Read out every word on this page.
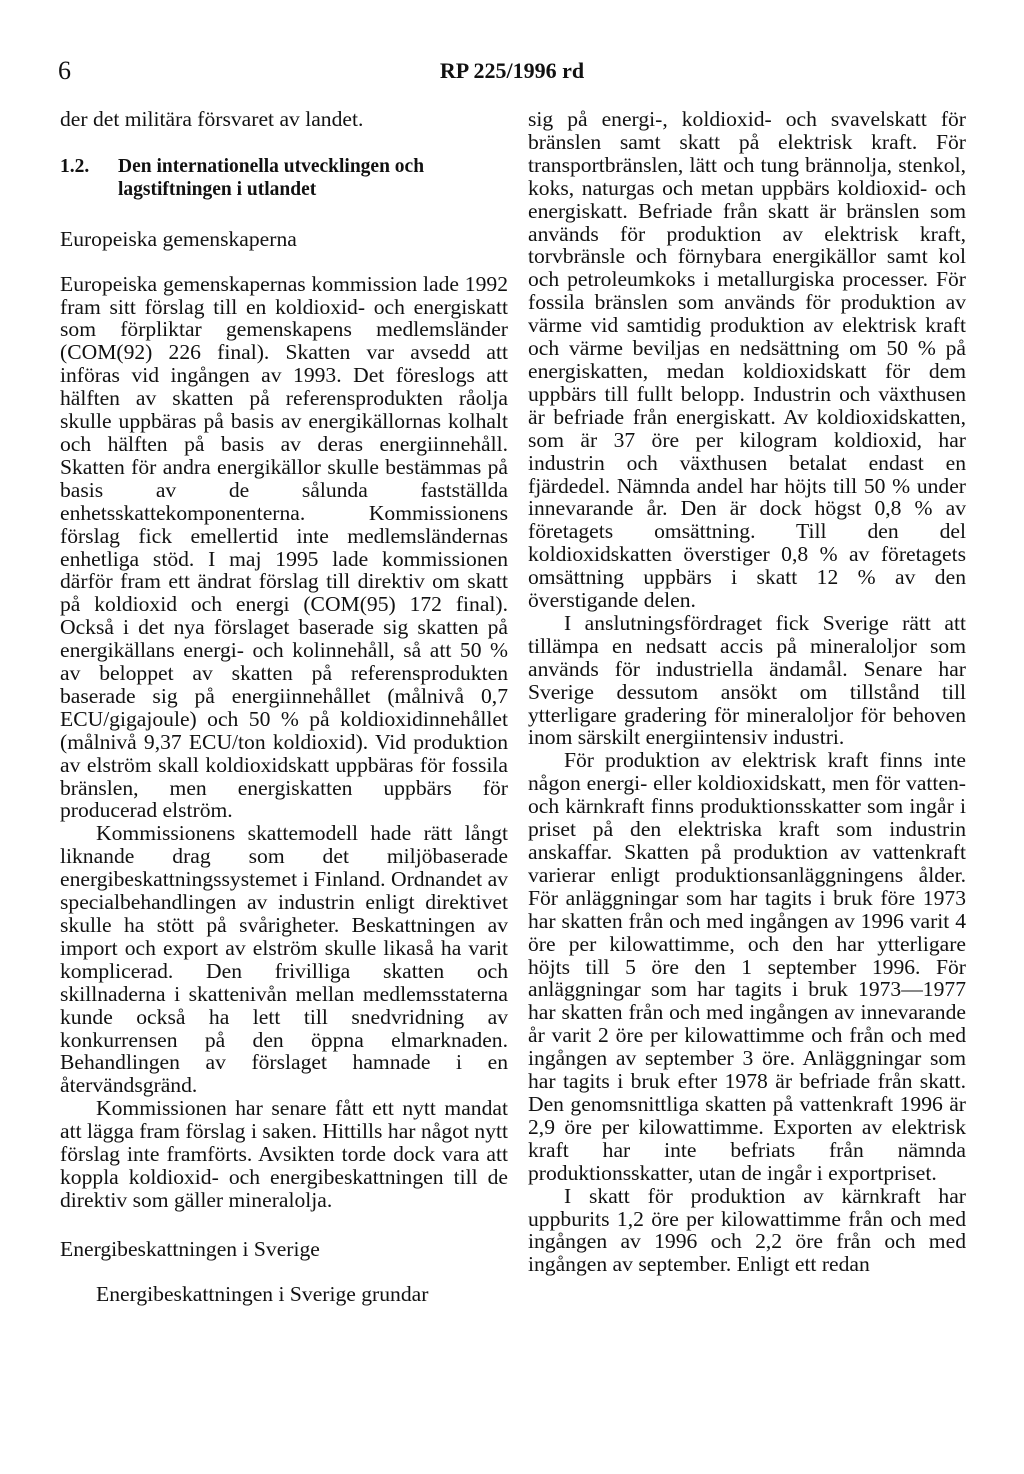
6	RP 225/1996 rd

der det militära försvaret av landet.

1.2. Den internationella utvecklingen och lagstiftningen i utlandet

Europeiska gemenskaperna

Europeiska gemenskapernas kommission lade 1992 fram sitt förslag till en koldioxid- och energiskatt som förpliktar gemenskapens medlemsländer (COM(92) 226 final). Skatten var avsedd att införas vid ingången av 1993. Det föreslogs att hälften av skatten på referensprodukten råolja skulle uppbäras på basis av energikällornas kolhalt och hälften på basis av deras energiinnehåll. Skatten för andra energikällor skulle bestämmas på basis av de sålunda fastställda enhetsskattekomponenterna. Kommissionens förslag fick emellertid inte medlemsländernas enhetliga stöd. I maj 1995 lade kommissionen därför fram ett ändrat förslag till direktiv om skatt på koldioxid och energi (COM(95) 172 final). Också i det nya förslaget baserade sig skatten på energikällans energi- och kolinnehåll, så att 50 % av beloppet av skatten på referensprodukten baserade sig på energiinnehållet (målnivå 0,7 ECU/gigajoule) och 50 % på koldioxidinnehållet (målnivå 9,37 ECU/ton koldioxid). Vid produktion av elström skall koldioxidskatt uppbäras för fossila bränslen, men energiskatten uppbärs för producerad elström.

Kommissionens skattemodell hade rätt långt liknande drag som det miljöbaserade energibeskattningssystemet i Finland. Ordnandet av specialbehandlingen av industrin enligt direktivet skulle ha stött på svårigheter. Beskattningen av import och export av elström skulle likaså ha varit komplicerad. Den frivilliga skatten och skillnaderna i skattenivån mellan medlemsstaterna kunde också ha lett till snedvridning av konkurrensen på den öppna elmarknaden. Behandlingen av förslaget hamnade i en återvändsgränd.

Kommissionen har senare fått ett nytt mandat att lägga fram förslag i saken. Hittills har något nytt förslag inte framförts. Avsikten torde dock vara att koppla koldioxid- och energibeskattningen till de direktiv som gäller mineralolja.

Energibeskattningen i Sverige

Energibeskattningen i Sverige grundar

sig på energi-, koldioxid- och svavelskatt för bränslen samt skatt på elektrisk kraft. För transportbränslen, lätt och tung brännolja, stenkol, koks, naturgas och metan uppbärs koldioxid- och energiskatt. Befriade från skatt är bränslen som används för produktion av elektrisk kraft, torvbränsle och förnybara energikällor samt kol och petroleumkoks i metallurgiska processer. För fossila bränslen som används för produktion av värme vid samtidig produktion av elektrisk kraft och värme beviljas en nedsättning om 50 % på energiskatten, medan koldioxidskatt för dem uppbärs till fullt belopp. Industrin och växthusen är befriade från energiskatt. Av koldioxidskatten, som är 37 öre per kilogram koldioxid, har industrin och växthusen betalat endast en fjärdedel. Nämnda andel har höjts till 50 % under innevarande år. Den är dock högst 0,8 % av företagets omsättning. Till den del koldioxidskatten överstiger 0,8 % av företagets omsättning uppbärs i skatt 12 % av den överstigande delen.

I anslutningsfördraget fick Sverige rätt att tillämpa en nedsatt accis på mineraloljor som används för industriella ändamål. Senare har Sverige dessutom ansökt om tillstånd till ytterligare gradering för mineraloljor för behoven inom särskilt energiintensiv industri.

För produktion av elektrisk kraft finns inte någon energi- eller koldioxidskatt, men för vatten- och kärnkraft finns produktionsskatter som ingår i priset på den elektriska kraft som industrin anskaffar. Skatten på produktion av vattenkraft varierar enligt produktionsanläggningens ålder. För anläggningar som har tagits i bruk före 1973 har skatten från och med ingången av 1996 varit 4 öre per kilowattimme, och den har ytterligare höjts till 5 öre den 1 september 1996. För anläggningar som har tagits i bruk 1973—1977 har skatten från och med ingången av innevarande år varit 2 öre per kilowattimme och från och med ingången av september 3 öre. Anläggningar som har tagits i bruk efter 1978 är befriade från skatt. Den genomsnittliga skatten på vattenkraft 1996 är 2,9 öre per kilowattimme. Exporten av elektrisk kraft har inte befriats från nämnda produktionsskatter, utan de ingår i exportpriset.

I skatt för produktion av kärnkraft har uppburits 1,2 öre per kilowattimme från och med ingången av 1996 och 2,2 öre från och med ingången av september. Enligt ett redan
